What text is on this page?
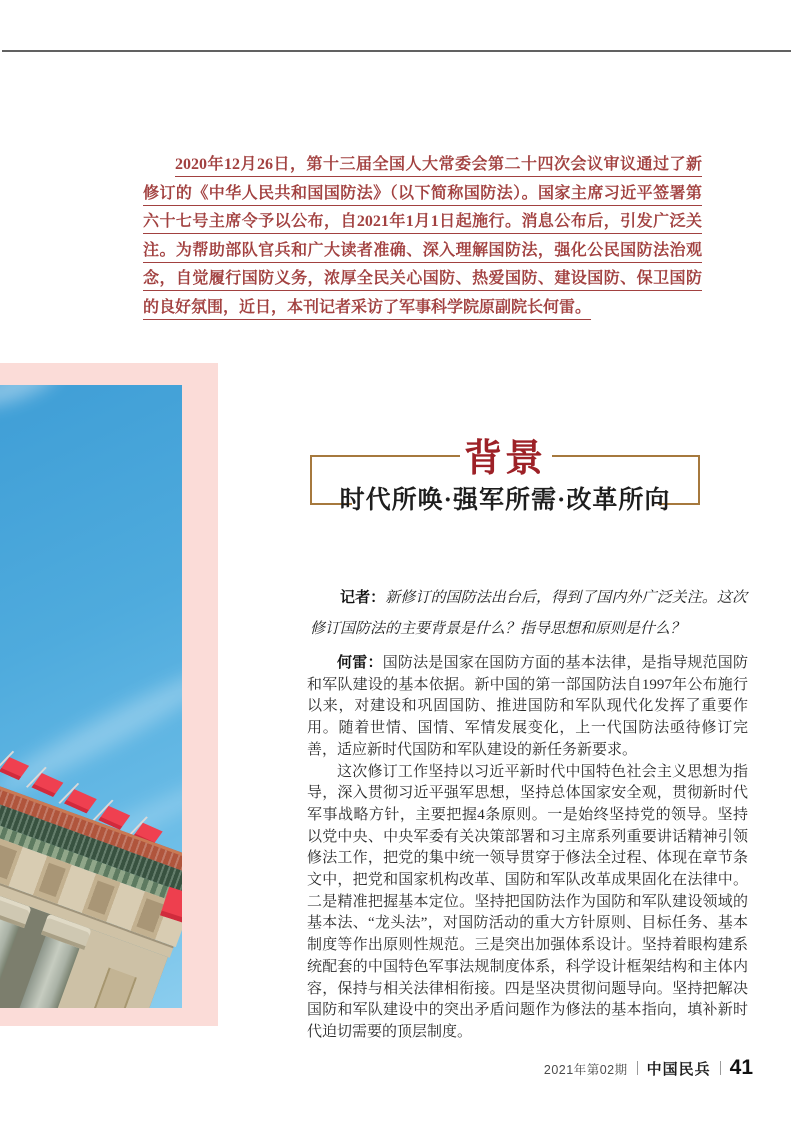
2020年12月26日，第十三届全国人大常委会第二十四次会议审议通过了新修订的《中华人民共和国国防法》（以下简称国防法）。国家主席习近平签署第六十七号主席令予以公布，自2021年1月1日起施行。消息公布后，引发广泛关注。为帮助部队官兵和广大读者准确、深入理解国防法，强化公民国防法治观念，自觉履行国防义务，浓厚全民关心国防、热爱国防、建设国防、保卫国防的良好氛围，近日，本刊记者采访了军事科学院原副院长何雷。
背景
时代所唤·强军所需·改革所向
记者：新修订的国防法出台后，得到了国内外广泛关注。这次修订国防法的主要背景是什么？指导思想和原则是什么？

何雷：国防法是国家在国防方面的基本法律，是指导规范国防和军队建设的基本依据。新中国的第一部国防法自1997年公布施行以来，对建设和巩固国防、推进国防和军队现代化发挥了重要作用。随着世情、国情、军情发展变化，上一代国防法亟待修订完善，适应新时代国防和军队建设的新任务新要求。

这次修订工作坚持以习近平新时代中国特色社会主义思想为指导，深入贯彻习近平强军思想，坚持总体国家安全观，贯彻新时代军事战略方针，主要把握4条原则。一是始终坚持党的领导。坚持以党中央、中央军委有关决策部署和习主席系列重要讲话精神引领修法工作，把党的集中统一领导贯穿于修法全过程、体现在章节条文中，把党和国家机构改革、国防和军队改革成果固化在法律中。二是精准把握基本定位。坚持把国防法作为国防和军队建设领域的基本法、“龙头法”，对国防活动的重大方针原则、目标任务、基本制度等作出原则性规范。三是突出加强体系设计。坚持着眼构建系统配套的中国特色军事法规制度体系，科学设计框架结构和主体内容，保持与相关法律相衔接。四是坚决贯彻问题导向。坚持把解决国防和军队建设中的突出矛盾问题作为修法的基本指向，填补新时代迫切需要的顶层制度。

2021年第02期 中国民兵 41
